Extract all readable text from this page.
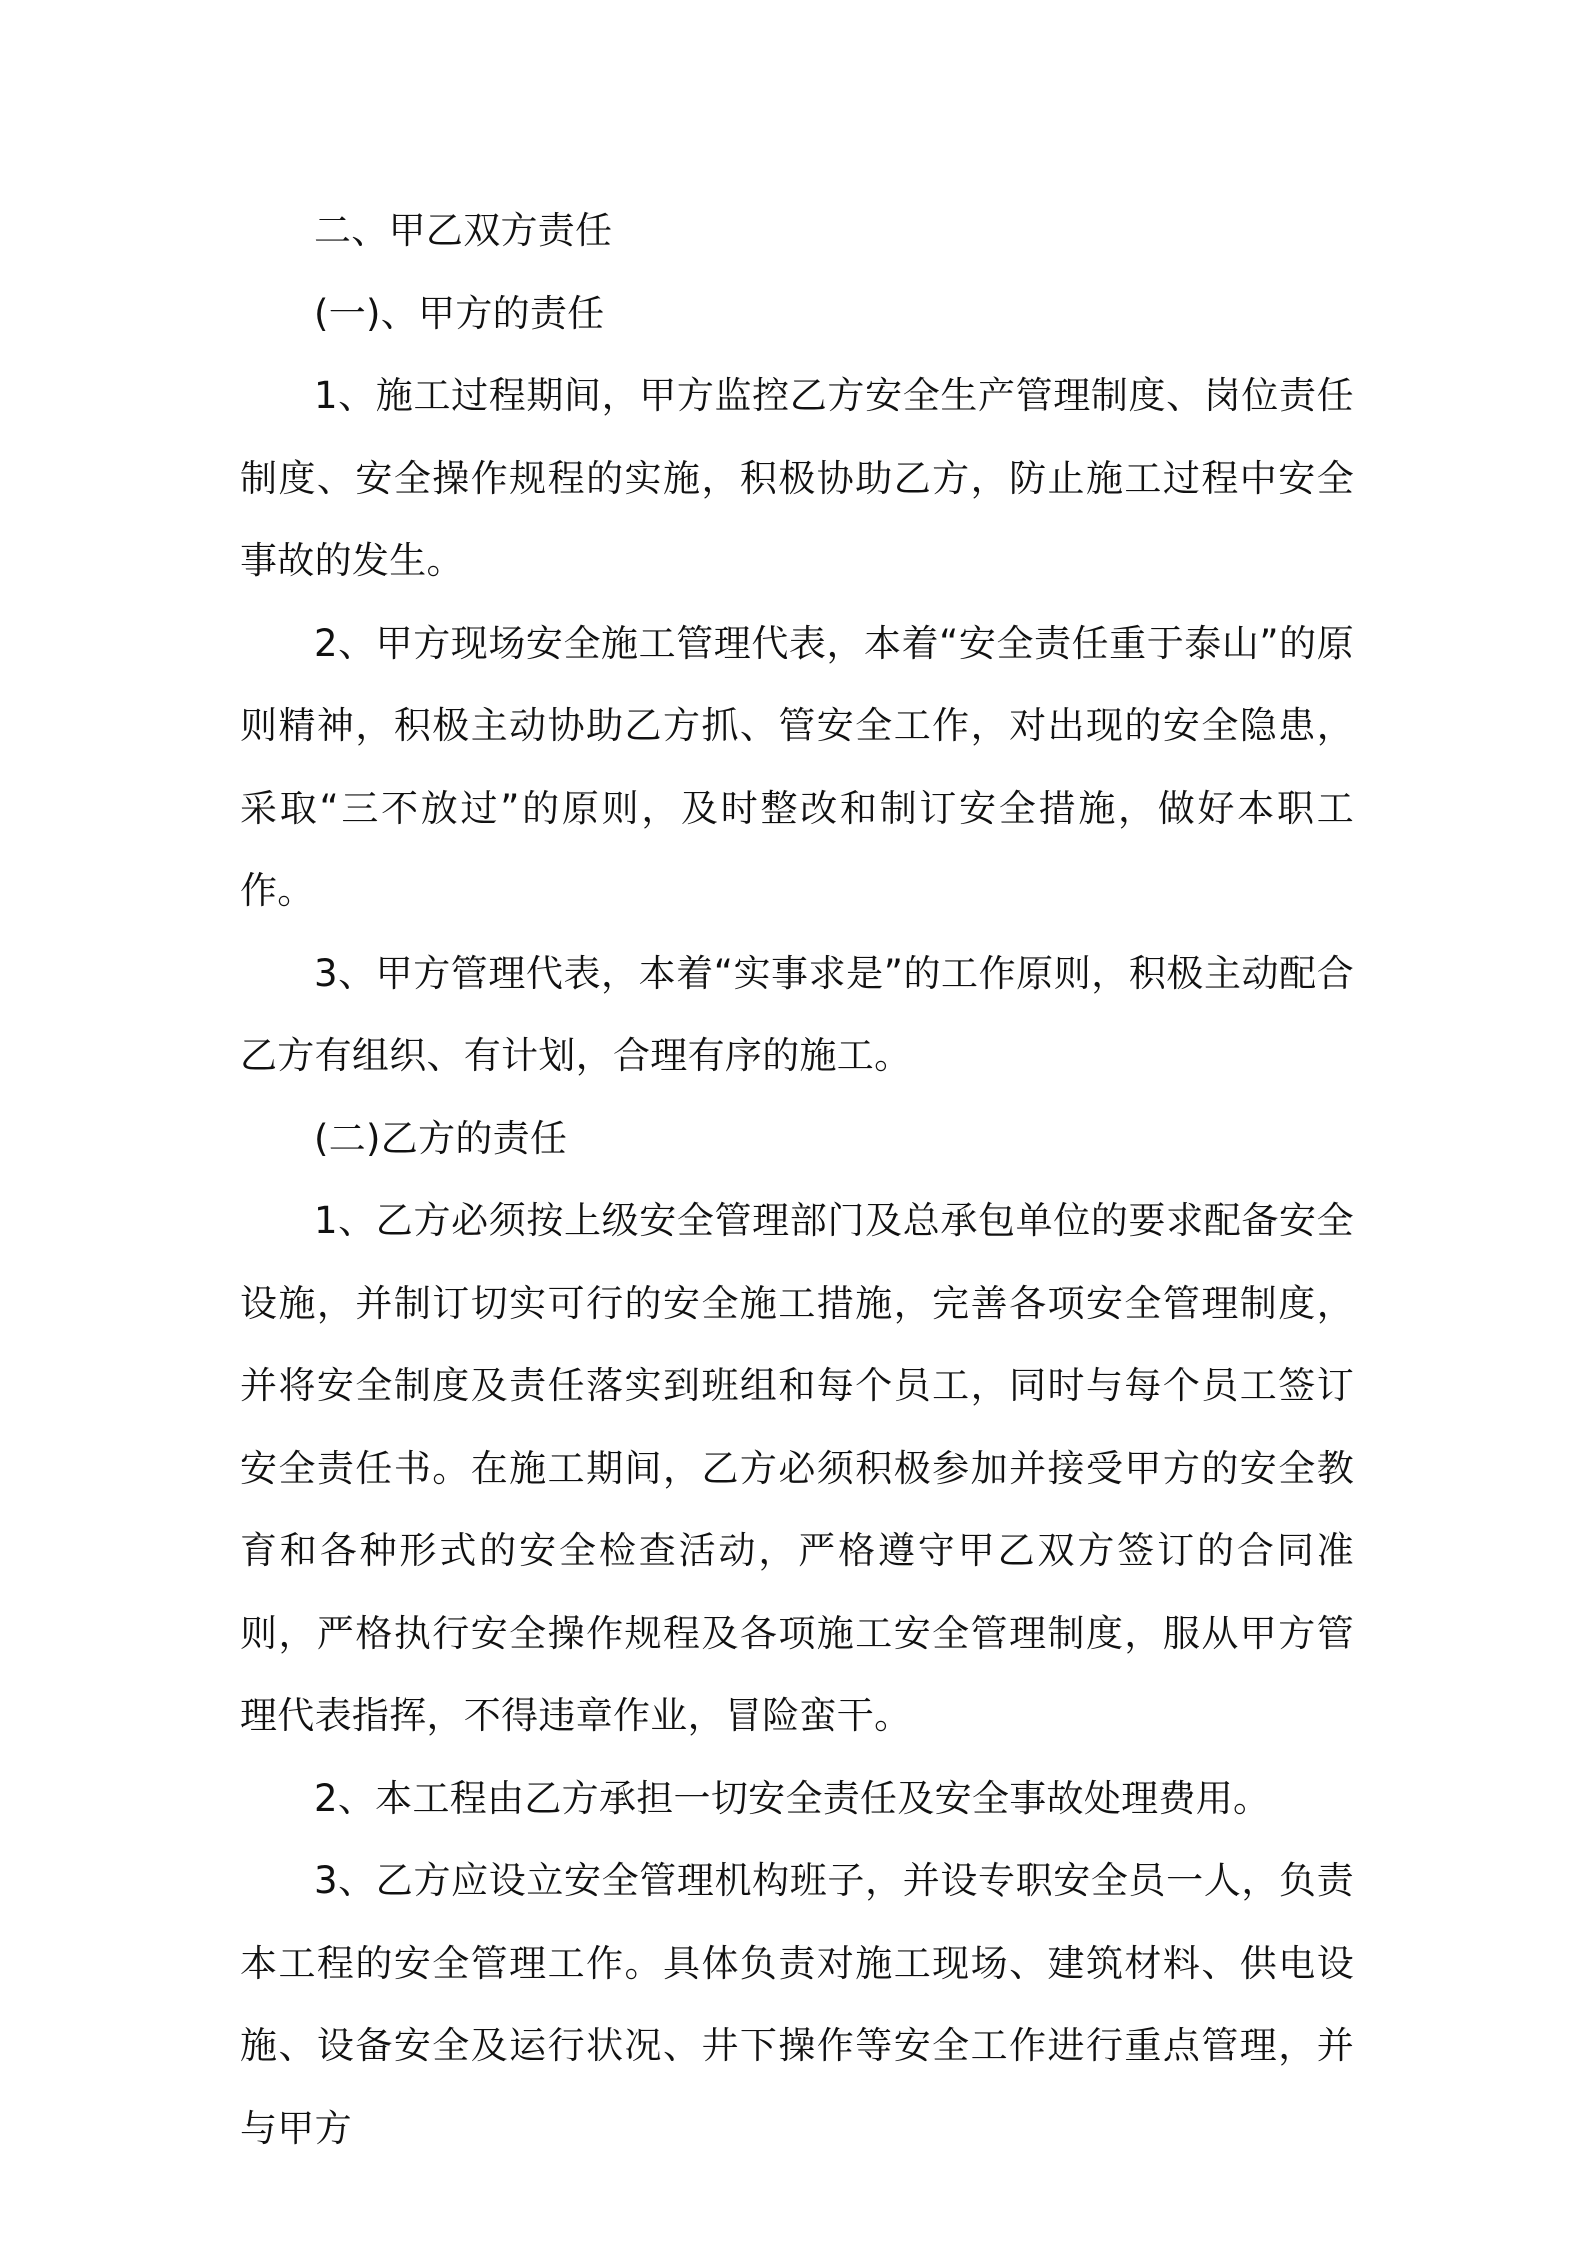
二、甲乙双方责任

(一)、甲方的责任

1、施工过程期间，甲方监控乙方安全生产管理制度、岗位责任制度、安全操作规程的实施，积极协助乙方，防止施工过程中安全事故的发生。

2、甲方现场安全施工管理代表，本着“安全责任重于泰山”的原则精神，积极主动协助乙方抓、管安全工作，对出现的安全隐患，采取“三不放过”的原则，及时整改和制订安全措施，做好本职工作。

3、甲方管理代表，本着“实事求是”的工作原则，积极主动配合乙方有组织、有计划，合理有序的施工。

(二)乙方的责任

1、乙方必须按上级安全管理部门及总承包单位的要求配备安全设施，并制订切实可行的安全施工措施，完善各项安全管理制度，并将安全制度及责任落实到班组和每个员工，同时与每个员工签订安全责任书。在施工期间，乙方必须积极参加并接受甲方的安全教育和各种形式的安全检查活动，严格遵守甲乙双方签订的合同准则，严格执行安全操作规程及各项施工安全管理制度，服从甲方管理代表指挥，不得违章作业，冒险蛮干。

2、本工程由乙方承担一切安全责任及安全事故处理费用。

3、乙方应设立安全管理机构班子，并设专职安全员一人，负责本工程的安全管理工作。具体负责对施工现场、建筑材料、供电设施、设备安全及运行状况、井下操作等安全工作进行重点管理，并与甲方
